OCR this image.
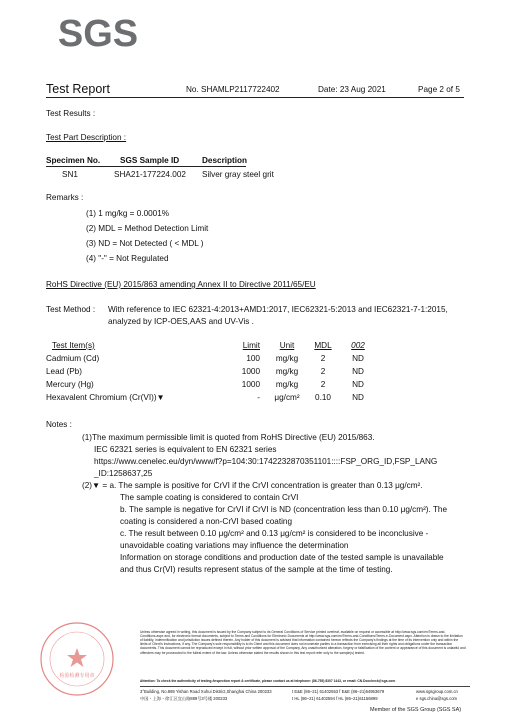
SGS
Test Report	No. SHAMLP2117722402	Date: 23 Aug 2021	Page 2 of 5
Test Results :
Test Part Description :
Specimen No. SGS Sample ID	Description
SN1	SHA21-177224.002 Silver gray steel grit
Remarks :
(1) 1 mg/kg = 0.0001%
(2) MDL = Method Detection Limit
(3) ND = Not Detected ( < MDL )
(4) "-" = Not Regulated
RoHS Directive (EU) 2015/863 amending Annex II to Directive 2011/65/EU
Test Method : With reference to IEC 62321-4:2013+AMD1:2017, IEC62321-5:2013 and IEC62321-7-1:2015,
analyzed by ICP-OES,AAS and UV-Vis .
Test Item(s)	Limit	Unit	MDL	002
Cadmium (Cd)	100	mg/kg	2	ND
Lead (Pb)	1000	mg/kg	2	ND
Mercury (Hg)	1000	mg/kg	2	ND
Hexavalent Chromium (Cr(VI))▼	- μg/cm²	0.10	ND
Notes :
(1)The maximum permissible limit is quoted from RoHS Directive (EU) 2015/863.
IEC 62321 series is equivalent to EN 62321 series
https://www.cenelec.eu/dyn/www/f?p=104:30:1742232870351101::::FSP_ORG_ID,FSP_LANG
_ID:1258637,25
(2)▼ = a. The sample is positive for CrVI if the CrVI concentration is greater than 0.13 μg/cm².
The sample coating is considered to contain CrVI
b. The sample is negative for CrVI if CrVI is ND (concentration less than 0.10 μg/cm²). The
coating is considered a non-CrVI based coating
c. The result between 0.10 μg/cm² and 0.13 μg/cm² is considered to be inconclusive -
unavoidable coating variations may influence the determination
Information on storage conditions and production date of the tested sample is unavailable
and thus Cr(VI) results represent status of the sample at the time of testing.
检验检测专用章
Unless otherwise agreed in writing, this document is issued by the Company subject to its General Conditions of Service printed overleaf, available on request or accessible at http://www.sgs.com/en/Terms-and-Conditions.aspx and, for electronic format documents, subject to Terms and Conditions for Electronic Documents at http://www.sgs.com/en/Terms-and-Conditions/Terms-e-Document.aspx. Attention is drawn to the limitation of liability, indemnification and jurisdiction issues defined therein. Any holder of this document is advised that information contained hereon reflects the Company's findings at the time of its intervention only and within the limits of Client's instructions, if any. The Company's sole responsibility is to its Client and this document does not exonerate parties to a transaction from exercising all their rights and obligations under the transaction documents. This document cannot be reproduced except in full, without prior written approval of the Company. Any unauthorized alteration, forgery or falsification of the content or appearance of this document is unlawful and offenders may be prosecuted to the fullest extent of the law. Unless otherwise stated the results shown in this test report refer only to the sample(s) tested.
Attention: To check the authenticity of testing /inspection report & certificate, please contact us at telephone: (86-755) 8307 1443, or email: CN.Doccheck@sgs.com
3°Building, No.889 Yishan Road Xuhui District,Shanghai China 200233
中国・上海・徐汇区宜山路889号3号楼 200233
t E&E (86–21) 61402553 f E&E (86–21)64953679
t HL (86–21) 61402594 f HL (86–21)61156899
www.sgsgroup.com.cn
e sgs.china@sgs.com
Member of the SGS Group (SGS SA)
